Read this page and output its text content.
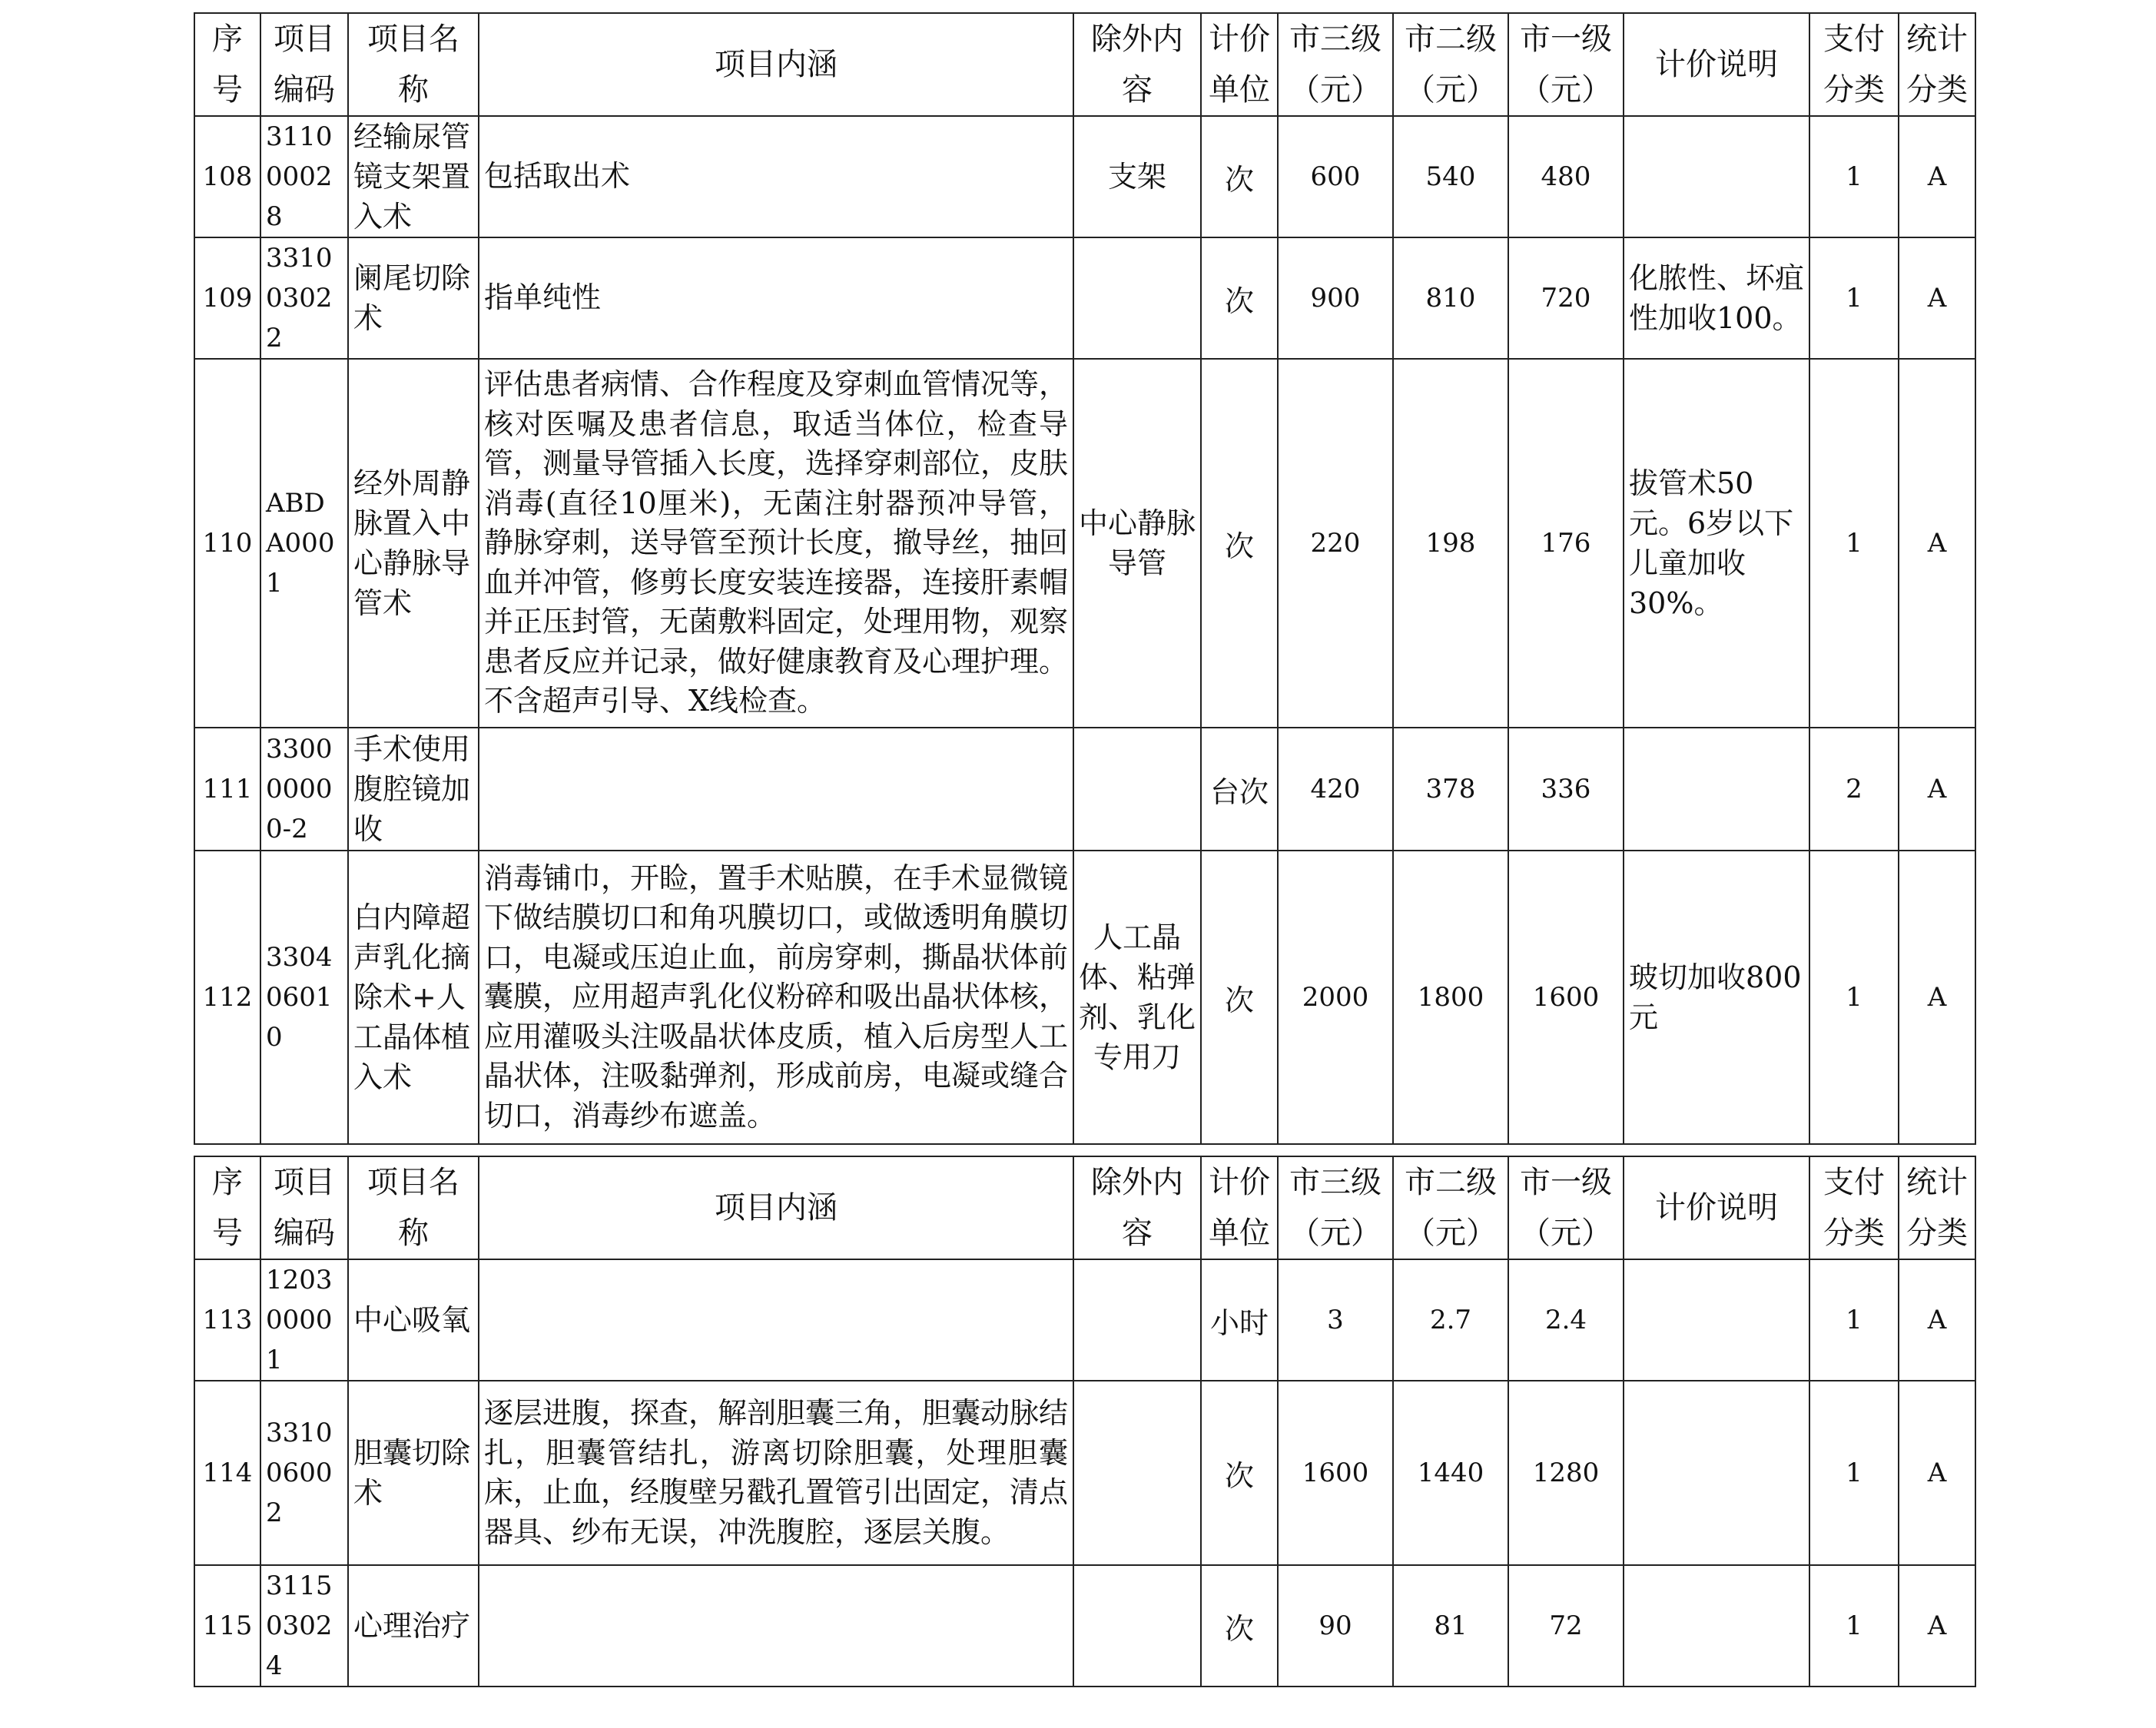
序号	项目编码	项目名称	项目内涵	除外内容	计价单位	市三级（元）	市二级（元）	市一级（元）	计价说明	支付分类	统计分类
108	311000028	经输尿管镜支架置入术	包括取出术	支架	次	600	540	480		1	A
109	331003022	阑尾切除术	指单纯性		次	900	810	720	化脓性、坏疽性加收100。	1	A
110	ABDA0001	经外周静脉置入中心静脉导管术	评估患者病情、合作程度及穿刺血管情况等，核对医嘱及患者信息，取适当体位，检查导管，测量导管插入长度，选择穿刺部位，皮肤消毒(直径10厘米)，无菌注射器预冲导管，静脉穿刺，送导管至预计长度，撤导丝，抽回血并冲管，修剪长度安装连接器，连接肝素帽并正压封管，无菌敷料固定，处理用物，观察患者反应并记录，做好健康教育及心理护理。不含超声引导、X线检查。	中心静脉导管	次	220	198	176	拔管术50元。6岁以下儿童加收30%。	1	A
111	330000000-2	手术使用腹腔镜加收			台次	420	378	336		2	A
112	330406010	白内障超声乳化摘除术+人工晶体植入术	消毒铺巾，开睑，置手术贴膜，在手术显微镜下做结膜切口和角巩膜切口，或做透明角膜切口，电凝或压迫止血，前房穿刺，撕晶状体前囊膜，应用超声乳化仪粉碎和吸出晶状体核，应用灌吸头注吸晶状体皮质，植入后房型人工晶状体，注吸黏弹剂，形成前房，电凝或缝合切口，消毒纱布遮盖。	人工晶体、粘弹剂、乳化专用刀	次	2000	1800	1600	玻切加收800元	1	A
序号	项目编码	项目名称	项目内涵	除外内容	计价单位	市三级（元）	市二级（元）	市一级（元）	计价说明	支付分类	统计分类
113	120300001	中心吸氧			小时	3	2.7	2.4		1	A
114	331006002	胆囊切除术	逐层进腹，探查，解剖胆囊三角，胆囊动脉结扎，胆囊管结扎，游离切除胆囊，处理胆囊床，止血，经腹壁另戳孔置管引出固定，清点器具、纱布无误，冲洗腹腔，逐层关腹。		次	1600	1440	1280		1	A
115	311503024	心理治疗			次	90	81	72		1	A
